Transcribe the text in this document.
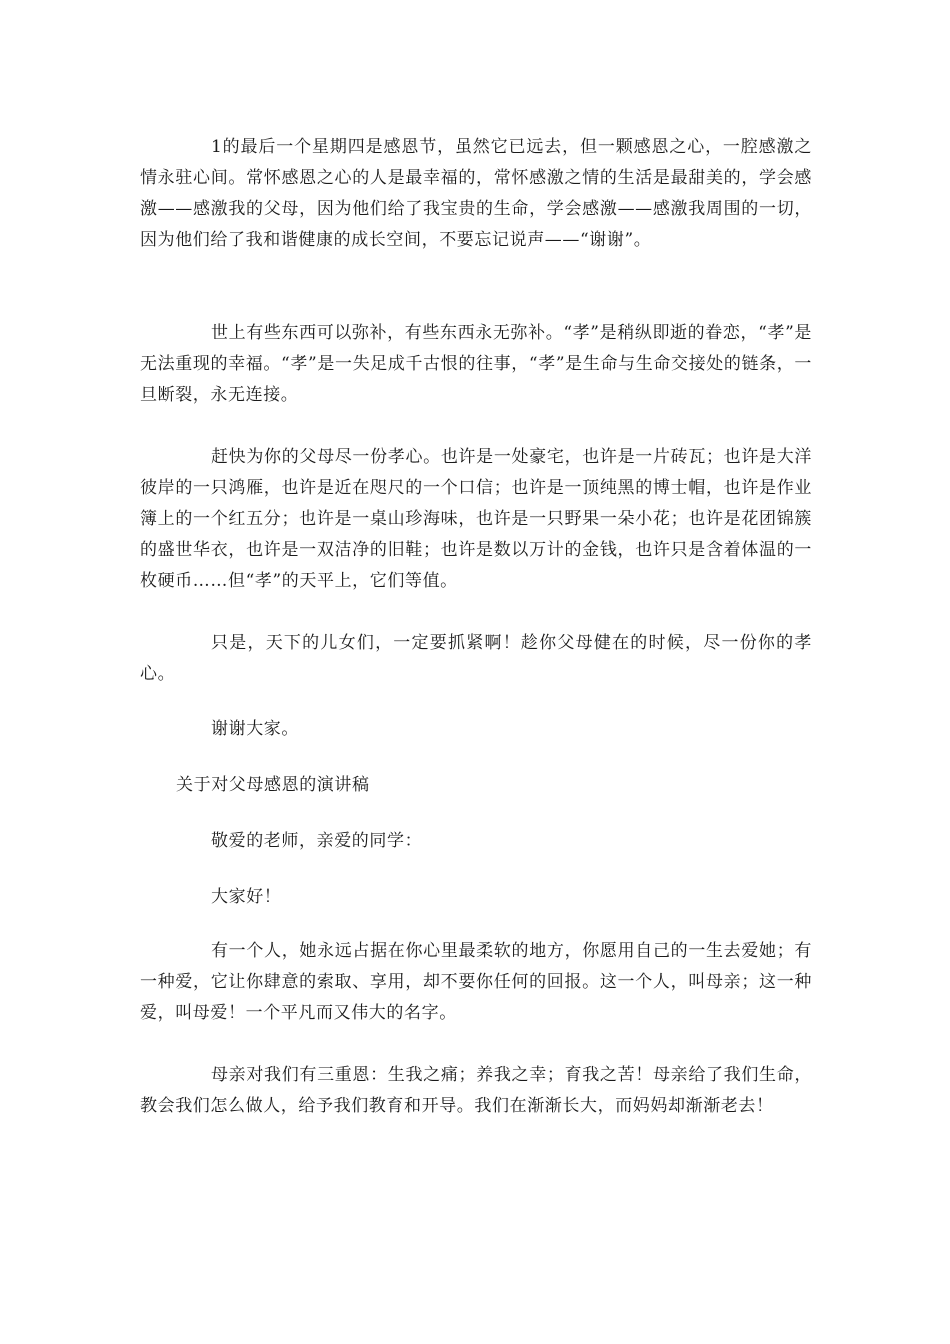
1的最后一个星期四是感恩节，虽然它已远去，但一颗感恩之心，一腔感激之情永驻心间。常怀感恩之心的人是最幸福的，常怀感激之情的生活是最甜美的，学会感激——感激我的父母，因为他们给了我宝贵的生命，学会感激——感激我周围的一切，因为他们给了我和谐健康的成长空间，不要忘记说声——“谢谢”。

世上有些东西可以弥补，有些东西永无弥补。“孝”是稍纵即逝的眷恋，“孝”是无法重现的幸福。“孝”是一失足成千古恨的往事，“孝”是生命与生命交接处的链条，一旦断裂，永无连接。

赶快为你的父母尽一份孝心。也许是一处豪宅，也许是一片砖瓦；也许是大洋彼岸的一只鸿雁，也许是近在咫尺的一个口信；也许是一顶纯黑的博士帽，也许是作业簿上的一个红五分；也许是一桌山珍海味，也许是一只野果一朵小花；也许是花团锦簇的盛世华衣，也许是一双洁净的旧鞋；也许是数以万计的金钱，也许只是含着体温的一枚硬币……但“孝”的天平上，它们等值。

只是，天下的儿女们，一定要抓紧啊！趁你父母健在的时候，尽一份你的孝心。

谢谢大家。

关于对父母感恩的演讲稿

敬爱的老师，亲爱的同学：

大家好！

有一个人，她永远占据在你心里最柔软的地方，你愿用自己的一生去爱她；有一种爱，它让你肆意的索取、享用，却不要你任何的回报。这一个人，叫母亲；这一种爱，叫母爱！一个平凡而又伟大的名字。

母亲对我们有三重恩：生我之痛；养我之幸；育我之苦！母亲给了我们生命，教会我们怎么做人，给予我们教育和开导。我们在渐渐长大，而妈妈却渐渐老去！
